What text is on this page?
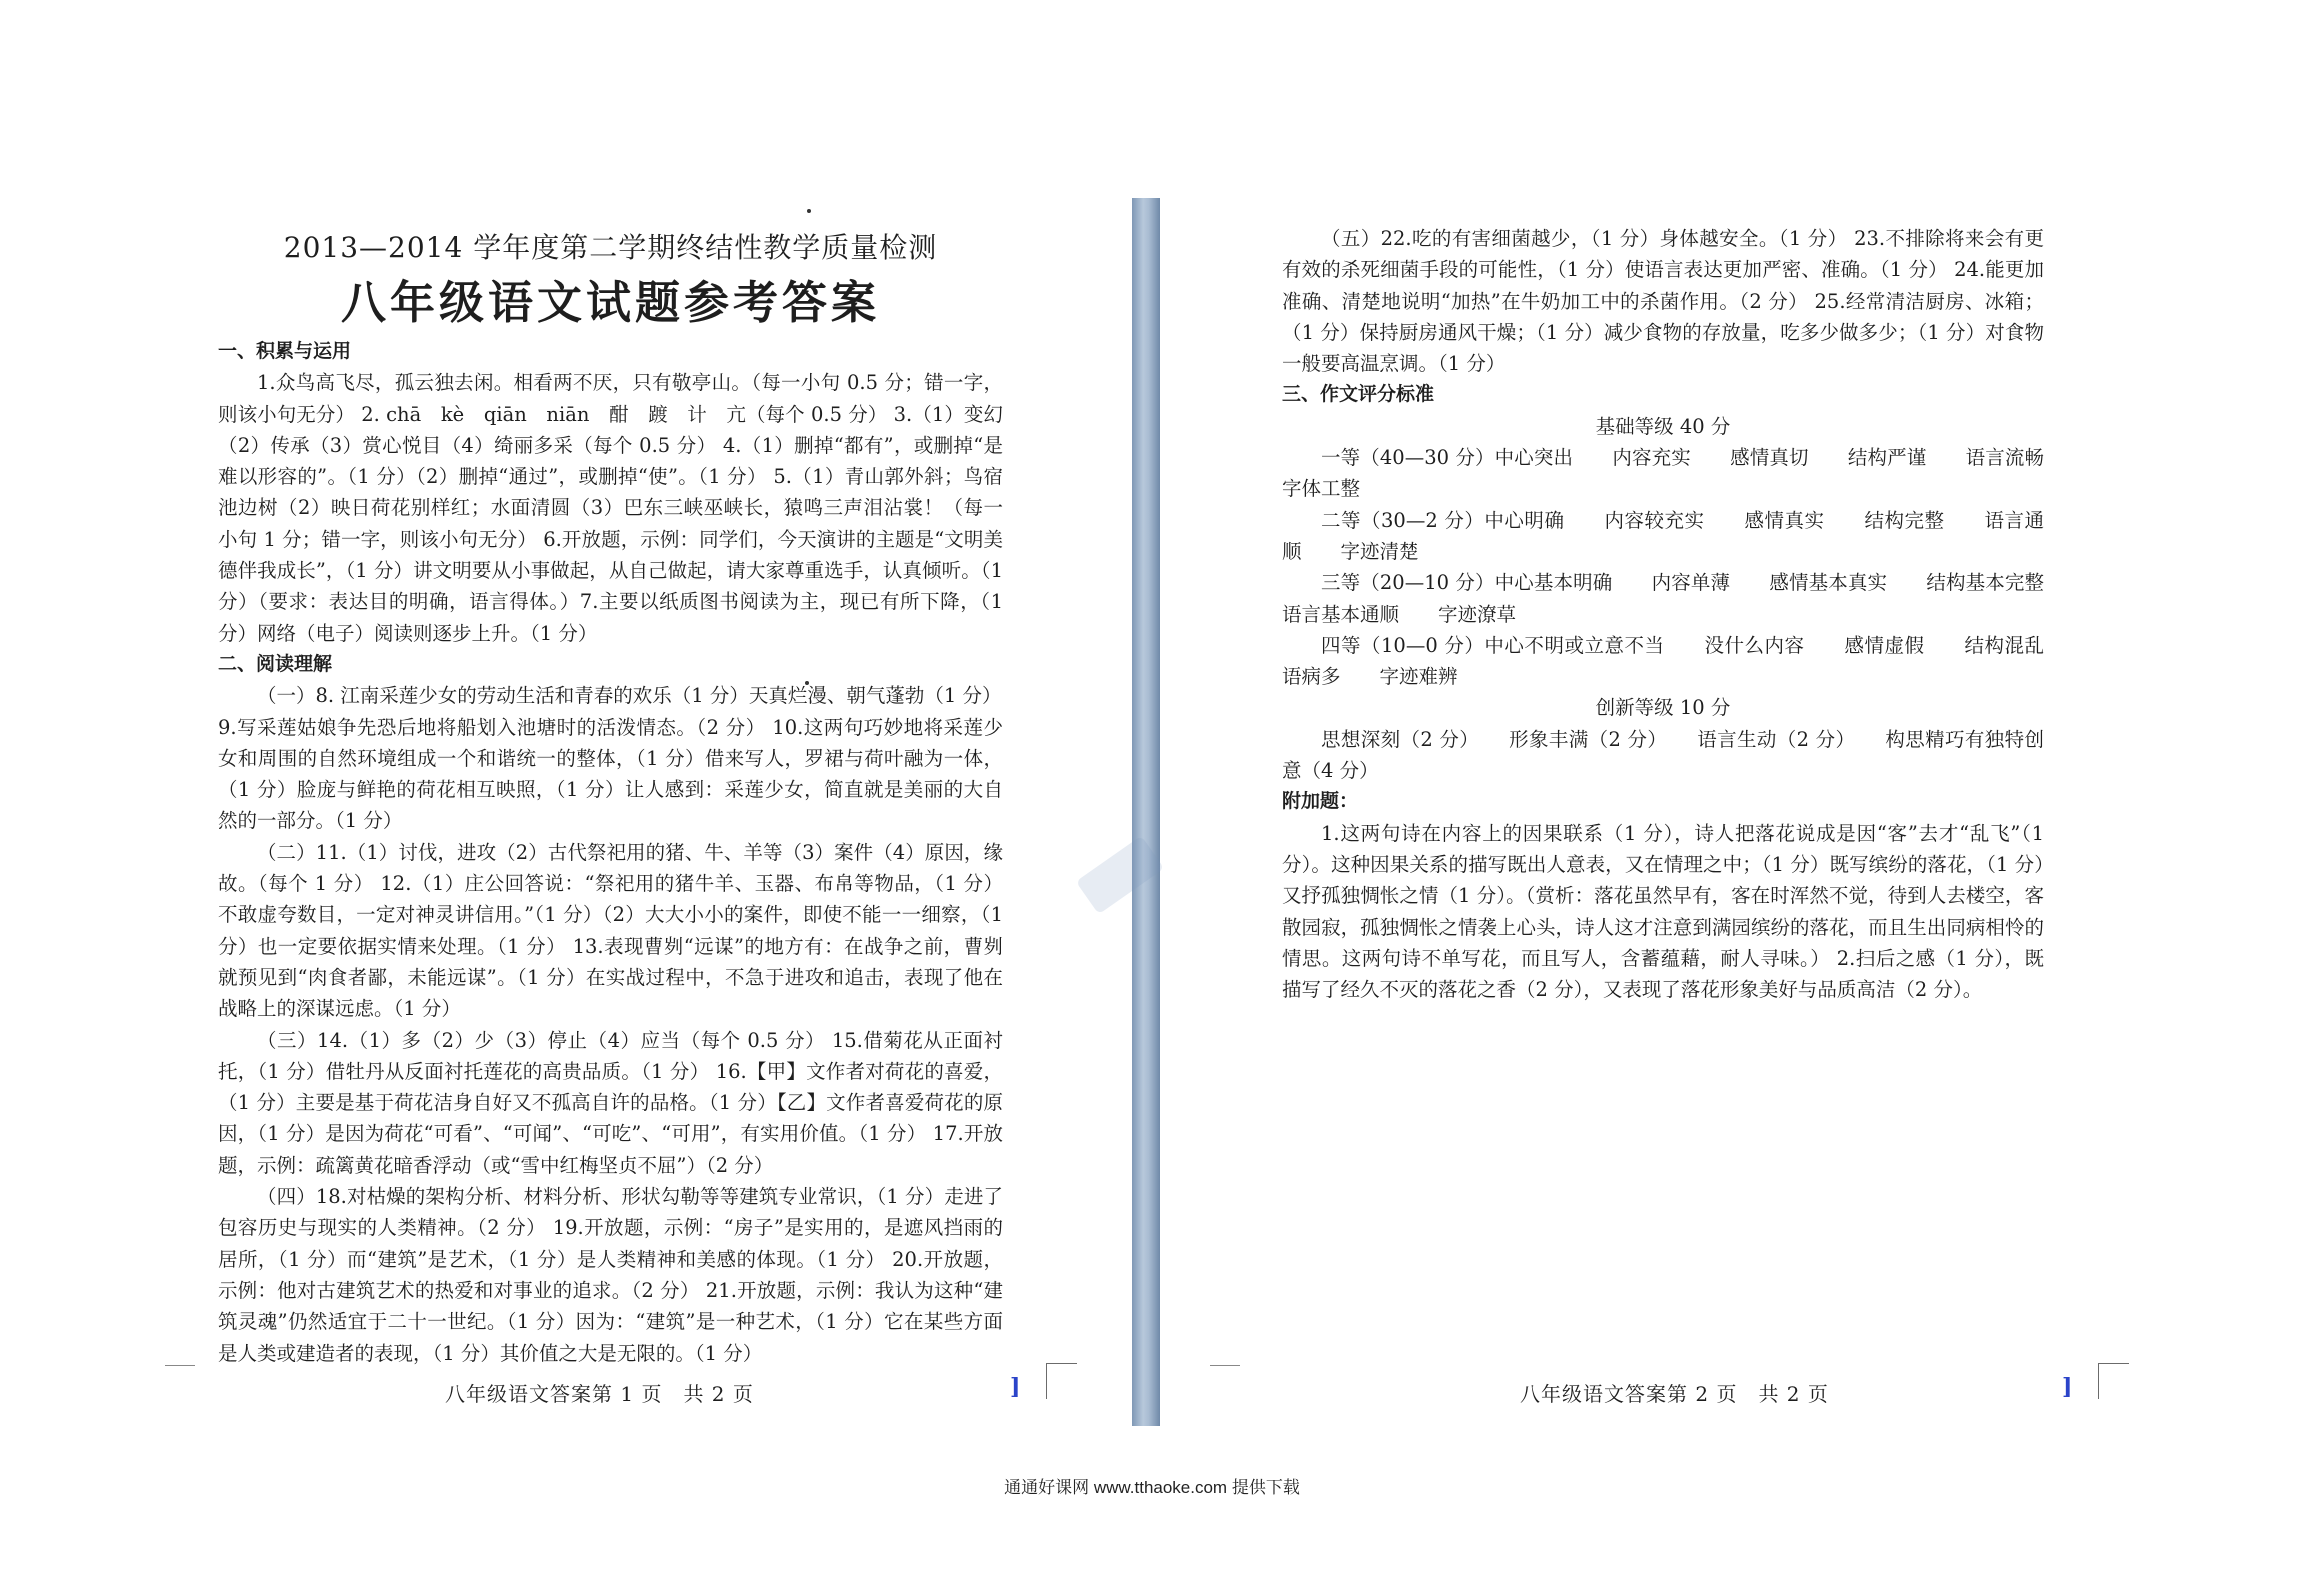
2013—2014 学年度第二学期终结性教学质量检测
八年级语文试题参考答案
一、积累与运用

1.众鸟高飞尽，孤云独去闲。相看两不厌，只有敬亭山。（每一小句 0.5 分；错一字，则该小句无分） 2. chā　kè　qiān　niān　酣　踱　计　亢（每个 0.5 分） 3.（1）变幻（2）传承（3）赏心悦目（4）绮丽多采（每个 0.5 分） 4.（1）删掉“都有”，或删掉“是难以形容的”。（1 分）（2）删掉“通过”，或删掉“使”。（1 分） 5.（1）青山郭外斜；鸟宿池边树（2）映日荷花别样红；水面清圆（3）巴东三峡巫峡长，猿鸣三声泪沾裳！（每一小句 1 分；错一字，则该小句无分） 6.开放题，示例：同学们，今天演讲的主题是“文明美德伴我成长”，（1 分）讲文明要从小事做起，从自己做起，请大家尊重选手，认真倾听。（1 分）（要求：表达目的明确，语言得体。）7.主要以纸质图书阅读为主，现已有所下降，（1 分）网络（电子）阅读则逐步上升。（1 分）

二、阅读理解

（一）8. 江南采莲少女的劳动生活和青春的欢乐（1 分）天真烂漫、朝气蓬勃（1 分）

9.写采莲姑娘争先恐后地将船划入池塘时的活泼情态。（2 分） 10.这两句巧妙地将采莲少女和周围的自然环境组成一个和谐统一的整体，（1 分）借来写人，罗裙与荷叶融为一体，（1 分）脸庞与鲜艳的荷花相互映照，（1 分）让人感到：采莲少女，简直就是美丽的大自然的一部分。（1 分）

（二）11.（1）讨伐，进攻（2）古代祭祀用的猪、牛、羊等（3）案件（4）原因，缘故。（每个 1 分） 12.（1）庄公回答说：“祭祀用的猪牛羊、玉器、布帛等物品，（1 分）不敢虚夸数目，一定对神灵讲信用。”（1 分）（2）大大小小的案件，即使不能一一细察，（1 分）也一定要依据实情来处理。（1 分） 13.表现曹刿“远谋”的地方有：在战争之前，曹刿就预见到“肉食者鄙，未能远谋”。（1 分）在实战过程中，不急于进攻和追击，表现了他在战略上的深谋远虑。（1 分）

（三）14.（1）多（2）少（3）停止（4）应当（每个 0.5 分） 15.借菊花从正面衬托，（1 分）借牡丹从反面衬托莲花的高贵品质。（1 分） 16.【甲】文作者对荷花的喜爱，（1 分）主要是基于荷花洁身自好又不孤高自许的品格。（1 分）【乙】文作者喜爱荷花的原因，（1 分）是因为荷花“可看”、“可闻”、“可吃”、“可用”，有实用价值。（1 分） 17.开放题，示例：疏篱黄花暗香浮动（或“雪中红梅坚贞不屈”）（2 分）

（四）18.对枯燥的架构分析、材料分析、形状勾勒等等建筑专业常识，（1 分）走进了包容历史与现实的人类精神。（2 分） 19.开放题，示例：“房子”是实用的，是遮风挡雨的居所，（1 分）而“建筑”是艺术，（1 分）是人类精神和美感的体现。（1 分） 20.开放题，示例：他对古建筑艺术的热爱和对事业的追求。（2 分） 21.开放题，示例：我认为这种“建筑灵魂”仍然适宜于二十一世纪。（1 分）因为：“建筑”是一种艺术，（1 分）它在某些方面是人类或建造者的表现，（1 分）其价值之大是无限的。（1 分）

（五）22.吃的有害细菌越少，（1 分）身体越安全。（1 分） 23.不排除将来会有更有效的杀死细菌手段的可能性，（1 分）使语言表达更加严密、准确。（1 分） 24.能更加准确、清楚地说明“加热”在牛奶加工中的杀菌作用。（2 分） 25.经常清洁厨房、冰箱；（1 分）保持厨房通风干燥；（1 分）减少食物的存放量，吃多少做多少；（1 分）对食物一般要高温烹调。（1 分）

三、作文评分标准
基础等级 40 分

一等（40—30 分）中心突出　　内容充实　　感情真切　　结构严谨　　语言流畅　　字体工整

二等（30—2 分）中心明确　　内容较充实　　感情真实　　结构完整　　语言通顺　　字迹清楚

三等（20—10 分）中心基本明确　　内容单薄　　感情基本真实　　结构基本完整　　语言基本通顺　　字迹潦草

四等（10—0 分）中心不明或立意不当　　没什么内容　　感情虚假　　结构混乱　　语病多　　字迹难辨

创新等级 10 分

思想深刻（2 分）　　形象丰满（2 分）　　语言生动（2 分）　　构思精巧有独特创意（4 分）

附加题：

1.这两句诗在内容上的因果联系（1 分），诗人把落花说成是因“客”去才“乱飞”（1 分）。这种因果关系的描写既出人意表，又在情理之中；（1 分）既写缤纷的落花，（1 分）又抒孤独惆怅之情（1 分）。（赏析：落花虽然早有，客在时浑然不觉，待到人去楼空，客散园寂，孤独惆怅之情袭上心头，诗人这才注意到满园缤纷的落花，而且生出同病相怜的情思。这两句诗不单写花，而且写人，含蓄蕴藉，耐人寻味。） 2.扫后之感（1 分），既描写了经久不灭的落花之香（2 分），又表现了落花形象美好与品质高洁（2 分）。

八年级语文答案第 1 页　共 2 页	八年级语文答案第 2 页　共 2 页
]	]
通通好课网 www.tthaoke.com 提供下载
